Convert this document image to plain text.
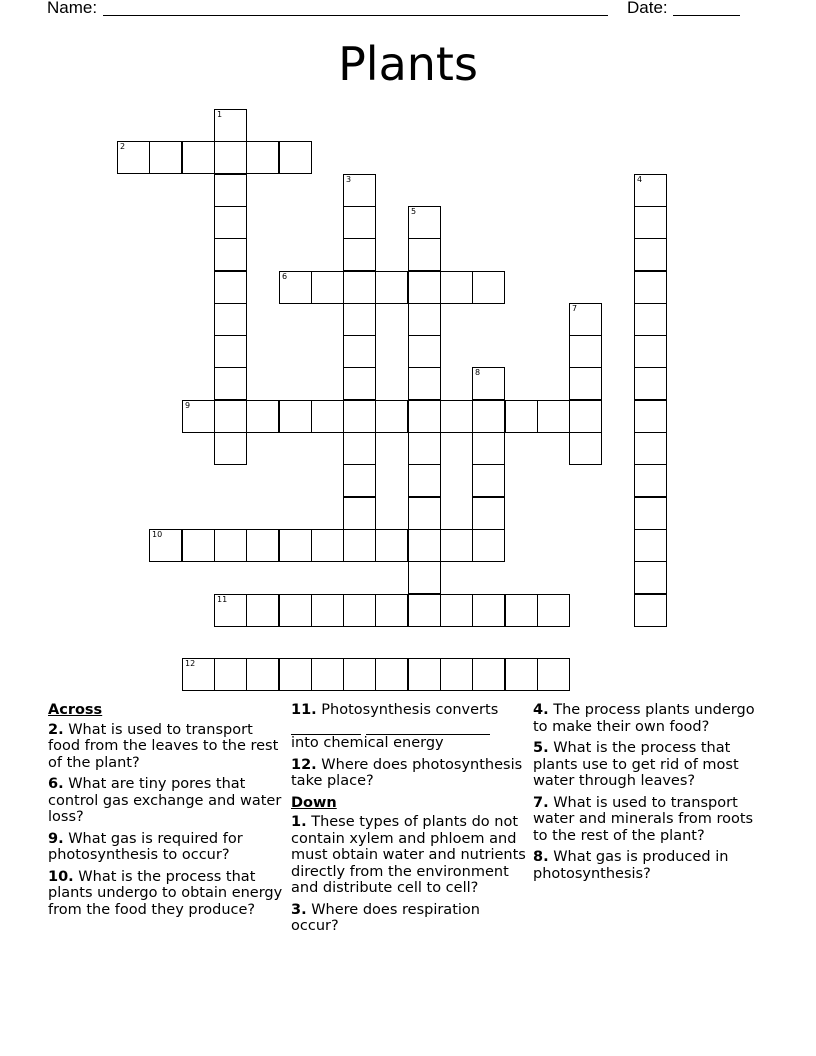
Name:	Date:
Plants
1
2
3	4
5
6
7
8
9
10
11
12
Across
2. What is used to transport food from the leaves to the rest of the plant?
6. What are tiny pores that control gas exchange and water loss?
9. What gas is required for photosynthesis to occur?
10. What is the process that plants undergo to obtain energy from the food they produce?
11. Photosynthesis converts

into chemical energy
12. Where does photosynthesis take place?
Down
1. These types of plants do not contain xylem and phloem and must obtain water and nutrients directly from the environment and distribute cell to cell?
3. Where does respiration occur?
4. The process plants undergo to make their own food?
5. What is the process that plants use to get rid of most water through leaves?
7. What is used to transport water and minerals from roots to the rest of the plant?
8. What gas is produced in photosynthesis?
